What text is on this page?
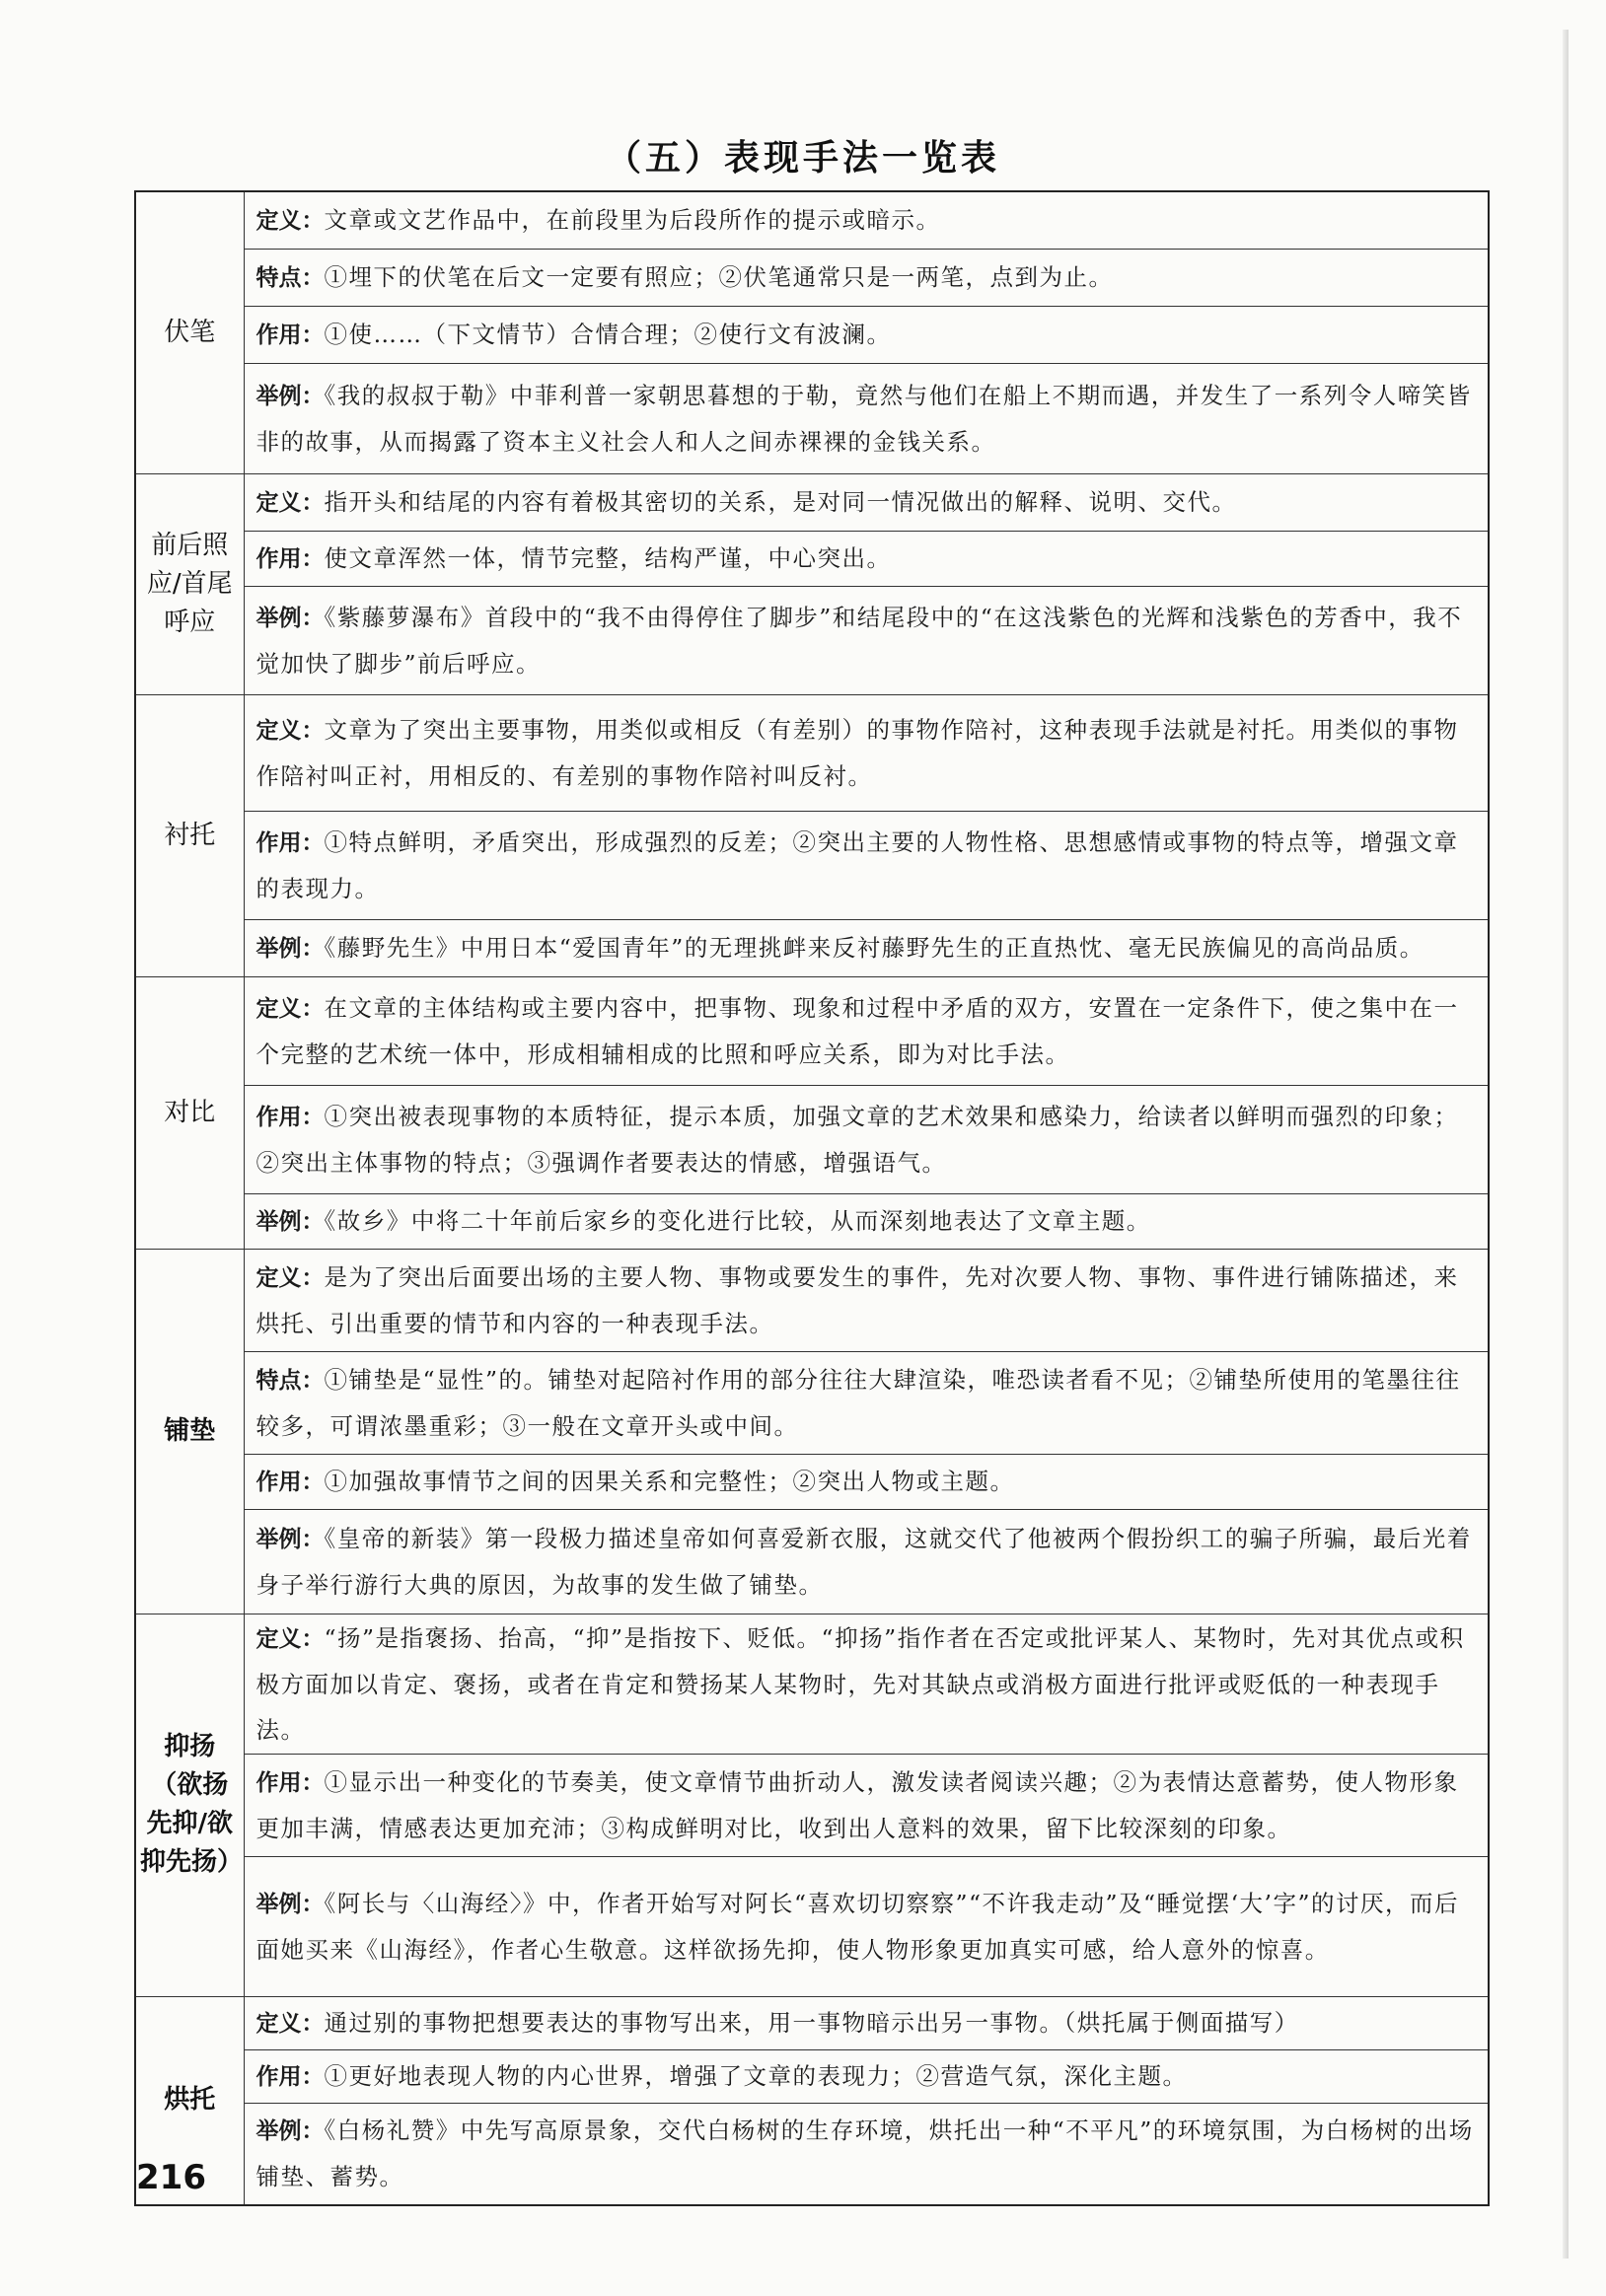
（五）表现手法一览表
伏笔	定义：文章或文艺作品中，在前段里为后段所作的提示或暗示。
	特点：①埋下的伏笔在后文一定要有照应；②伏笔通常只是一两笔，点到为止。
	作用：①使……（下文情节）合情合理；②使行文有波澜。
	举例：《我的叔叔于勒》中菲利普一家朝思暮想的于勒，竟然与他们在船上不期而遇，并发生了一系列令人啼笑皆非的故事，从而揭露了资本主义社会人和人之间赤裸裸的金钱关系。
前后照应/首尾呼应	定义：指开头和结尾的内容有着极其密切的关系，是对同一情况做出的解释、说明、交代。
	作用：使文章浑然一体，情节完整，结构严谨，中心突出。
	举例：《紫藤萝瀑布》首段中的“我不由得停住了脚步”和结尾段中的“在这浅紫色的光辉和浅紫色的芳香中，我不觉加快了脚步”前后呼应。
衬托	定义：文章为了突出主要事物，用类似或相反（有差别）的事物作陪衬，这种表现手法就是衬托。用类似的事物作陪衬叫正衬，用相反的、有差别的事物作陪衬叫反衬。
	作用：①特点鲜明，矛盾突出，形成强烈的反差；②突出主要的人物性格、思想感情或事物的特点等，增强文章的表现力。
	举例：《藤野先生》中用日本“爱国青年”的无理挑衅来反衬藤野先生的正直热忱、毫无民族偏见的高尚品质。
对比	定义：在文章的主体结构或主要内容中，把事物、现象和过程中矛盾的双方，安置在一定条件下，使之集中在一个完整的艺术统一体中，形成相辅相成的比照和呼应关系，即为对比手法。
	作用：①突出被表现事物的本质特征，提示本质，加强文章的艺术效果和感染力，给读者以鲜明而强烈的印象；②突出主体事物的特点；③强调作者要表达的情感，增强语气。
	举例：《故乡》中将二十年前后家乡的变化进行比较，从而深刻地表达了文章主题。
铺垫	定义：是为了突出后面要出场的主要人物、事物或要发生的事件，先对次要人物、事物、事件进行铺陈描述，来烘托、引出重要的情节和内容的一种表现手法。
	特点：①铺垫是“显性”的。铺垫对起陪衬作用的部分往往大肆渲染，唯恐读者看不见；②铺垫所使用的笔墨往往较多，可谓浓墨重彩；③一般在文章开头或中间。
	作用：①加强故事情节之间的因果关系和完整性；②突出人物或主题。
	举例：《皇帝的新装》第一段极力描述皇帝如何喜爱新衣服，这就交代了他被两个假扮织工的骗子所骗，最后光着身子举行游行大典的原因，为故事的发生做了铺垫。
抑扬（欲扬先抑/欲抑先扬）	定义：“扬”是指褒扬、抬高，“抑”是指按下、贬低。“抑扬”指作者在否定或批评某人、某物时，先对其优点或积极方面加以肯定、褒扬，或者在肯定和赞扬某人某物时，先对其缺点或消极方面进行批评或贬低的一种表现手法。
	作用：①显示出一种变化的节奏美，使文章情节曲折动人，激发读者阅读兴趣；②为表情达意蓄势，使人物形象更加丰满，情感表达更加充沛；③构成鲜明对比，收到出人意料的效果，留下比较深刻的印象。
	举例：《阿长与〈山海经〉》中，作者开始写对阿长“喜欢切切察察”“不许我走动”及“睡觉摆‘大’字”的讨厌，而后面她买来《山海经》，作者心生敬意。这样欲扬先抑，使人物形象更加真实可感，给人意外的惊喜。
烘托	定义：通过别的事物把想要表达的事物写出来，用一事物暗示出另一事物。（烘托属于侧面描写）
	作用：①更好地表现人物的内心世界，增强了文章的表现力；②营造气氛，深化主题。
	举例：《白杨礼赞》中先写高原景象，交代白杨树的生存环境，烘托出一种“不平凡”的环境氛围，为白杨树的出场铺垫、蓄势。
216
